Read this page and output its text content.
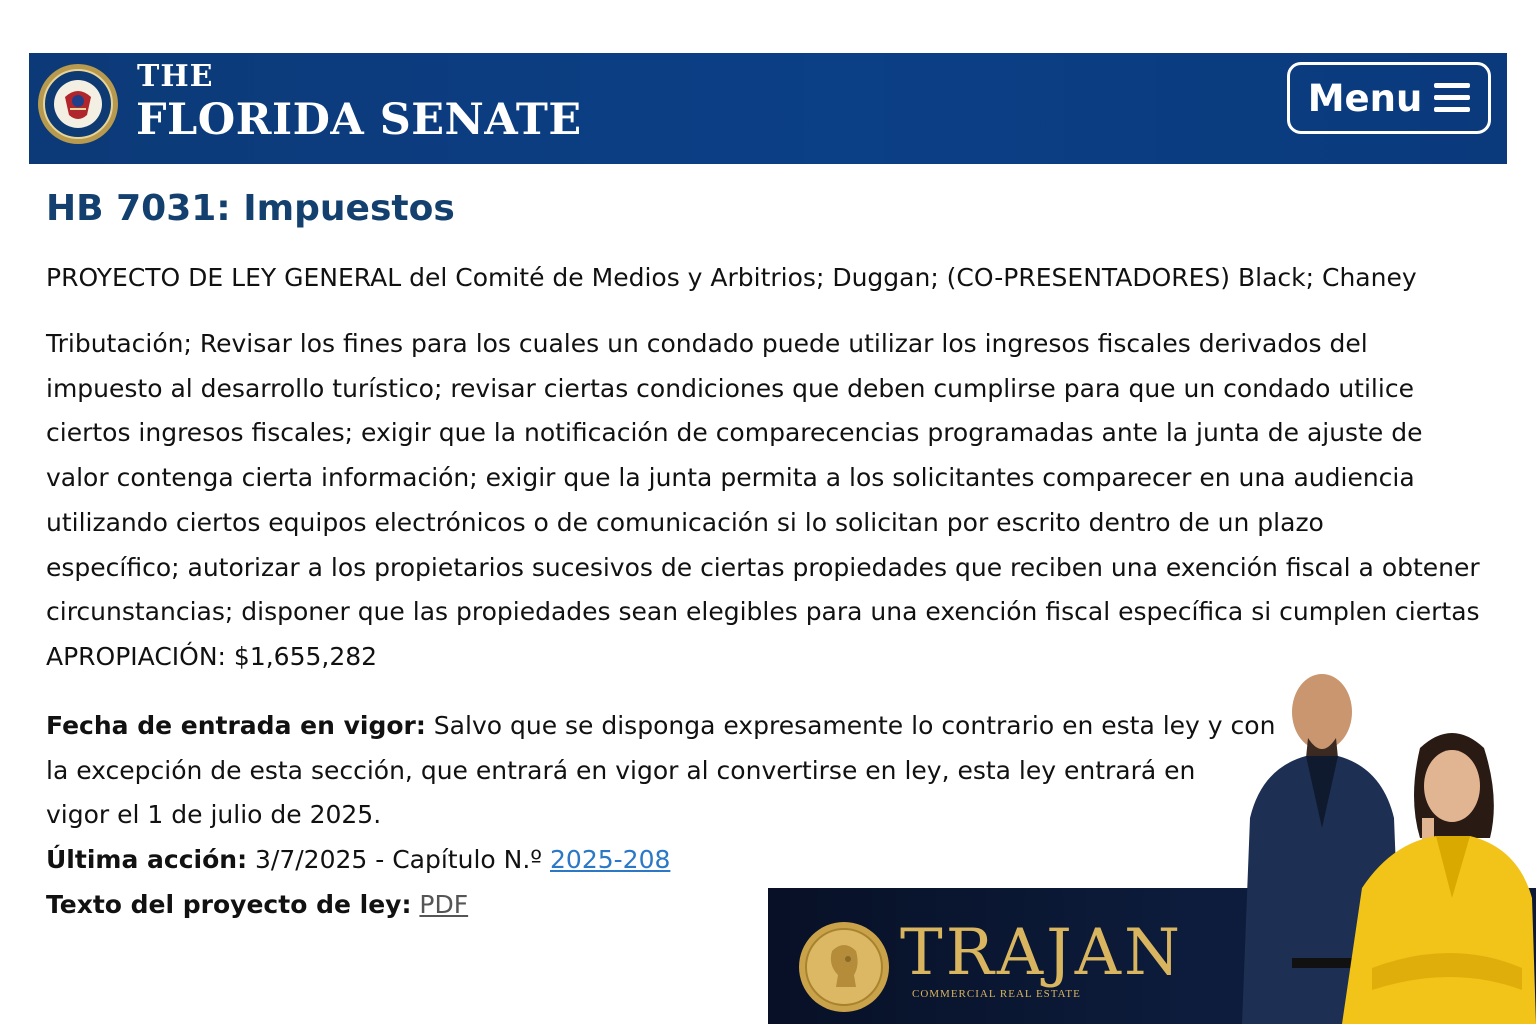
THE
FLORIDA SENATE	Menu
HB 7031: Impuestos

PROYECTO DE LEY GENERAL del Comité de Medios y Arbitrios; Duggan; (CO-PRESENTADORES) Black; Chaney

Tributación; Revisar los fines para los cuales un condado puede utilizar los ingresos fiscales derivados del
impuesto al desarrollo turístico; revisar ciertas condiciones que deben cumplirse para que un condado utilice
ciertos ingresos fiscales; exigir que la notificación de comparecencias programadas ante la junta de ajuste de
valor contenga cierta información; exigir que la junta permita a los solicitantes comparecer en una audiencia
utilizando ciertos equipos electrónicos o de comunicación si lo solicitan por escrito dentro de un plazo
específico; autorizar a los propietarios sucesivos de ciertas propiedades que reciben una exención fiscal a obtener
circunstancias; disponer que las propiedades sean elegibles para una exención fiscal específica si cumplen ciertas
APROPIACIÓN: $1,655,282
Fecha de entrada en vigor: Salvo que se disponga expresamente lo contrario en esta ley y con
la excepción de esta sección, que entrará en vigor al convertirse en ley, esta ley entrará en
vigor el 1 de julio de 2025.
Última acción: 3/7/2025 - Capítulo N.º 2025-208
Texto del proyecto de ley: PDF
TRAJAN
COMMERCIAL REAL ESTATE
